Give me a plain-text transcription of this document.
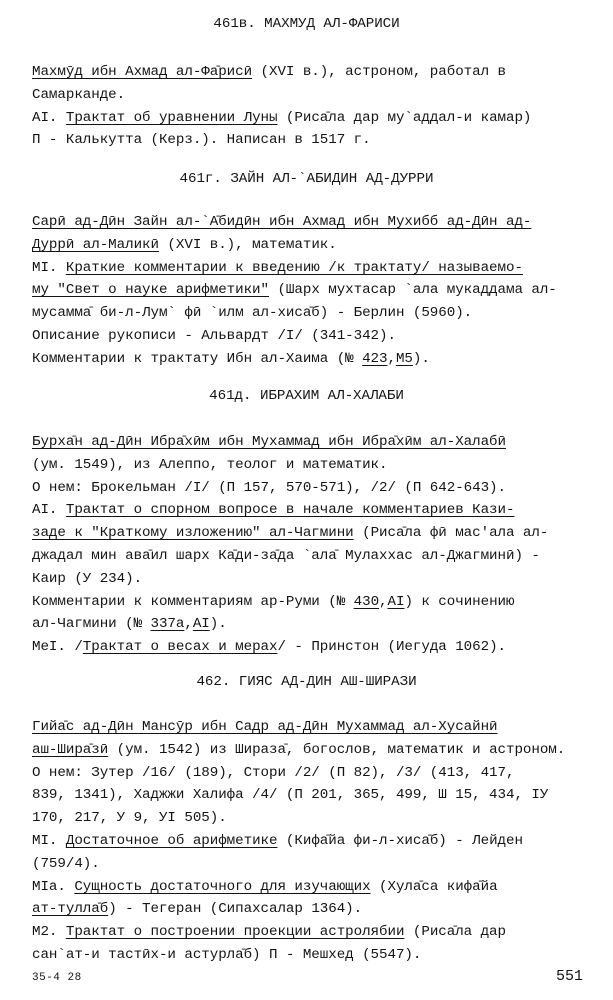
461в. МАХМУД АЛ-ФАРИСИ
Махмӯд ибн Ахмад ал-Фа̄рисӣ (XVI в.), астроном, работал в
Самарканде.
AI. Трактат об уравнении Луны (Риса̄ла дар му`аддал-и камар)
П - Калькутта (Керз.). Написан в 1517 г.
461г. ЗАЙН АЛ-`АБИДИН АД-ДУРРИ
Сарӣ ад-Дӣн Зайн ал-`А̄бидӣн ибн Ахмад ибн Мухибб ад-Дӣн ад-
Дуррӣ ал-Маликӣ (XVI в.), математик.
MI. Краткие комментарии к введению /к трактату/ называемо-
му "Свет о науке арифметики" (Шарх мухтасар `ала мукаддама ал-
мусамма̄ би-л-Лум` фӣ `илм ал-хиса̄б) - Берлин (5960).
Описание рукописи - Альвардт /I/ (341-342).
Комментарии к трактату Ибн ал-Хаима (№ 423,M5).
461д. ИБРАХИМ АЛ-ХАЛАБИ
Бурха̄н ад-Дӣн Ибра̄хӣм ибн Мухаммад ибн Ибра̄хӣм ал-Халабӣ
(ум. 1549), из Алеппо, теолог и математик.
О нем: Брокельман /I/ (П 157, 570-571), /2/ (П 642-643).
AI. Трактат о спорном вопросе в начале комментариев Кази-
заде к "Краткому изложению" ал-Чагмини (Риса̄ла фӣ мас'ала ал-
джадал мин ава̄ил шарх Ка̄ди-за̄да `ала̄ Мулаххас ал-Джагминӣ) -
Каир (У 234).
Комментарии к комментариям ар-Руми (№ 430,AI) к сочинению
ал-Чагмини (№ 337а,AI).
MeI. /Трактат о весах и мерах/ - Принстон (Иегуда 1062).
462. ГИЯС АД-ДИН АШ-ШИРАЗИ
Гийа̄с ад-Дӣн Мансӯр ибн Садр ад-Дӣн Мухаммад ал-Хусайнӣ
аш-Шира̄зӣ (ум. 1542) из Шираза̄, богослов, математик и астроном.
О нем: Зутер /16/ (189), Стори /2/ (П 82), /3/ (413, 417,
839, 1341), Хаджжи Халифа /4/ (П 201, 365, 499, Ш 15, 434, IУ
170, 217, У 9, УI 505).
MI. Достаточное об арифметике (Кифа̄йа фи-л-хиса̄б) - Лейден
(759/4).
MIа. Сущность достаточного для изучающих (Хула̄са кифа̄йа
ат-тулла̄б) - Тегеран (Сипахсалар 1364).
M2. Трактат о построении проекции астролябии (Риса̄ла дар
сан`ат-и тастӣх-и астурла̄б) П - Мешхед (5547).
35-4 28	551
